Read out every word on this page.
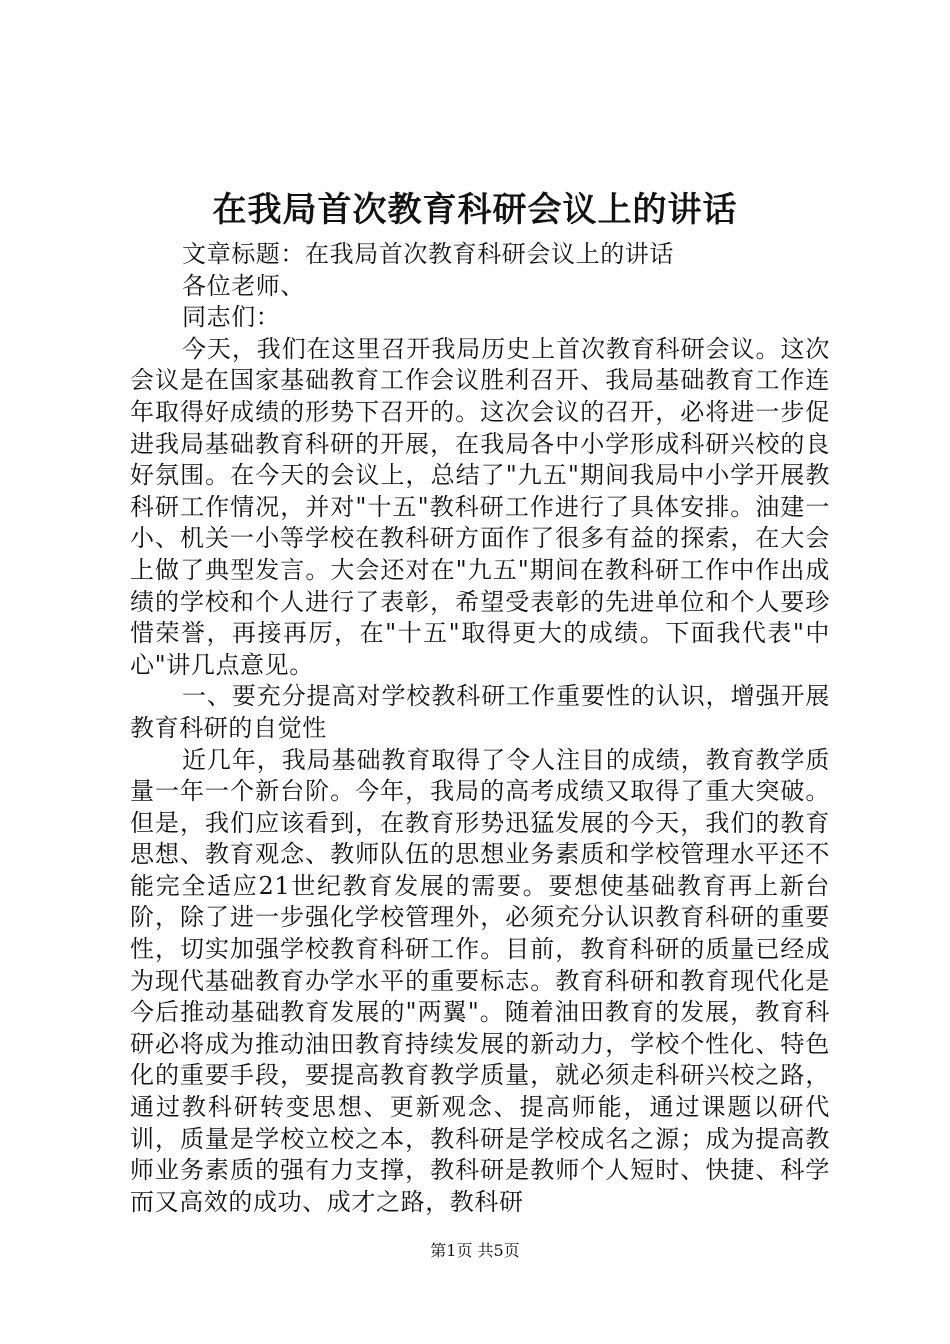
在我局首次教育科研会议上的讲话

文章标题：在我局首次教育科研会议上的讲话

各位老师、

同志们：

今天，我们在这里召开我局历史上首次教育科研会议。这次会议是在国家基础教育工作会议胜利召开、我局基础教育工作连年取得好成绩的形势下召开的。这次会议的召开，必将进一步促进我局基础教育科研的开展，在我局各中小学形成科研兴校的良好氛围。在今天的会议上，总结了"九五"期间我局中小学开展教科研工作情况，并对"十五"教科研工作进行了具体安排。油建一小、机关一小等学校在教科研方面作了很多有益的探索，在大会上做了典型发言。大会还对在"九五"期间在教科研工作中作出成绩的学校和个人进行了表彰，希望受表彰的先进单位和个人要珍惜荣誉，再接再厉，在"十五"取得更大的成绩。下面我代表"中心"讲几点意见。

一、要充分提高对学校教科研工作重要性的认识，增强开展教育科研的自觉性

近几年，我局基础教育取得了令人注目的成绩，教育教学质量一年一个新台阶。今年，我局的高考成绩又取得了重大突破。但是，我们应该看到，在教育形势迅猛发展的今天，我们的教育思想、教育观念、教师队伍的思想业务素质和学校管理水平还不能完全适应21世纪教育发展的需要。要想使基础教育再上新台阶，除了进一步强化学校管理外，必须充分认识教育科研的重要性，切实加强学校教育科研工作。目前，教育科研的质量已经成为现代基础教育办学水平的重要标志。教育科研和教育现代化是今后推动基础教育发展的"两翼"。随着油田教育的发展，教育科研必将成为推动油田教育持续发展的新动力，学校个性化、特色化的重要手段，要提高教育教学质量，就必须走科研兴校之路，通过教科研转变思想、更新观念、提高师能，通过课题以研代训，质量是学校立校之本，教科研是学校成名之源；成为提高教师业务素质的强有力支撑，教科研是教师个人短时、快捷、科学而又高效的成功、成才之路，教科研

第1页 共5页
